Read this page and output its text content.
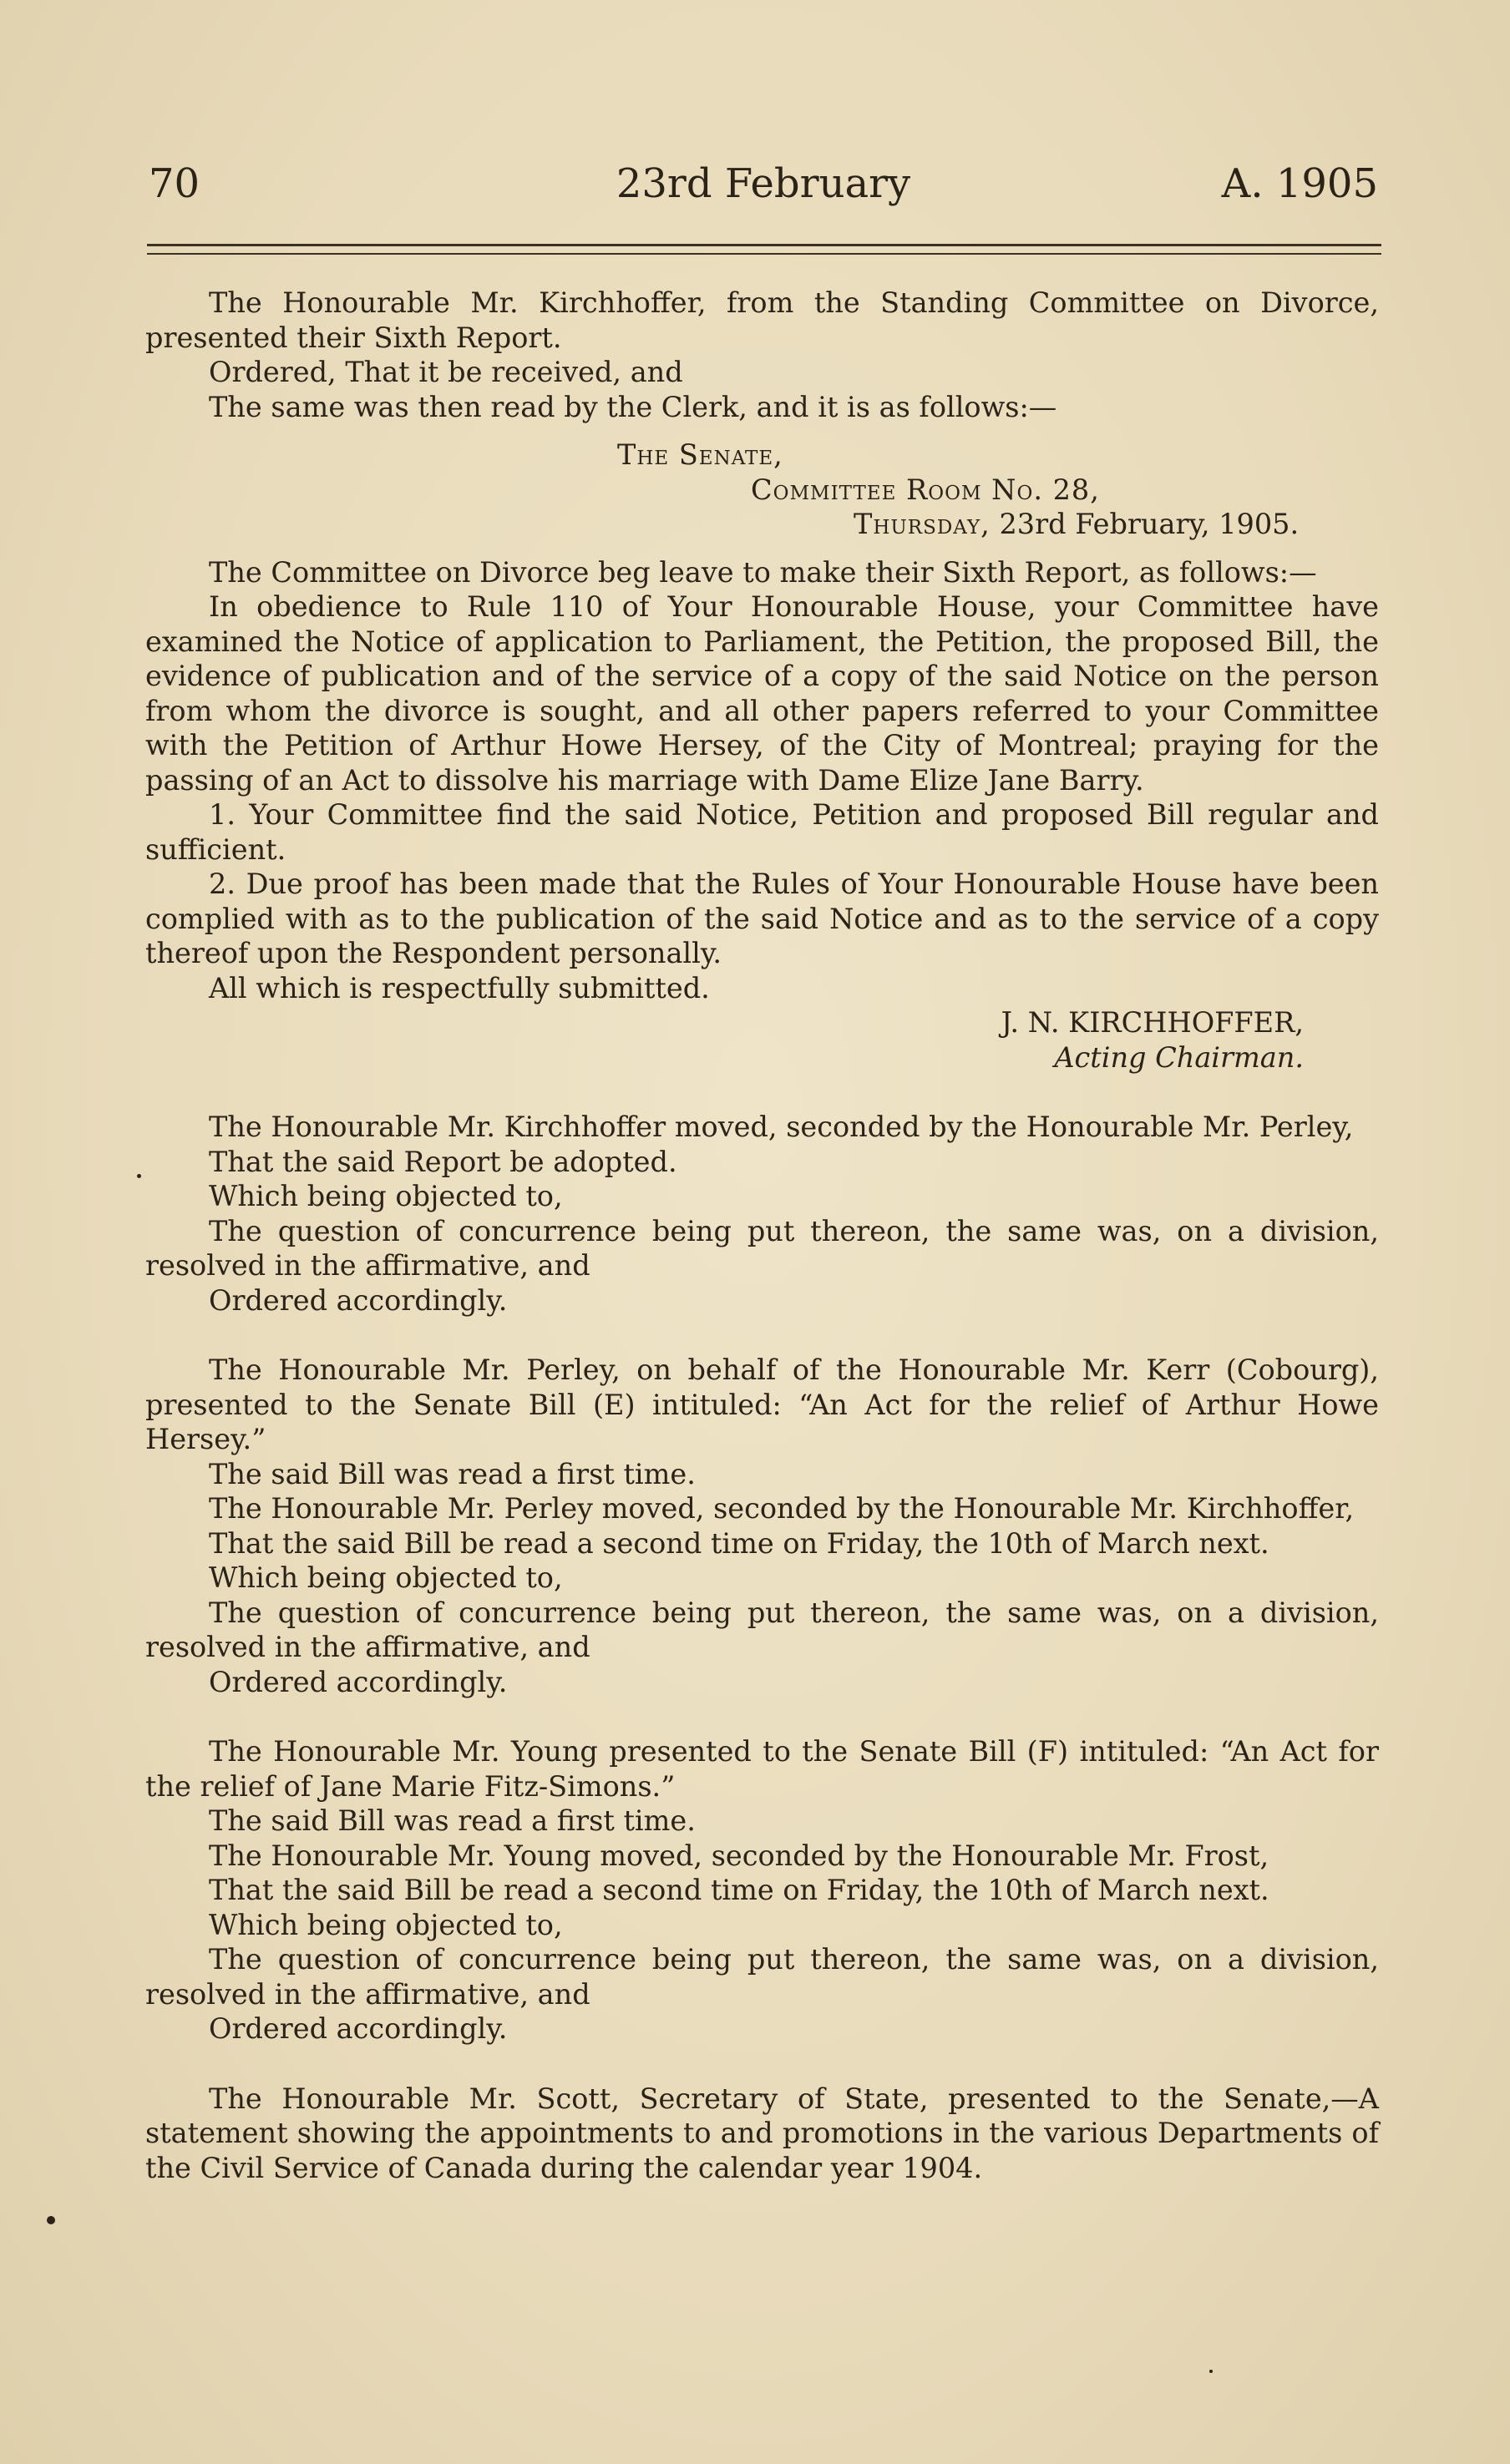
23rd February
70	A. 1905

The Honourable Mr. Kirchhoffer, from the Standing Committee on Divorce, presented their Sixth Report.

Ordered, That it be received, and

The same was then read by the Clerk, and it is as follows:—

The Senate,

Committee Room No. 28,

Thursday, 23rd February, 1905.

The Committee on Divorce beg leave to make their Sixth Report, as follows:—

In obedience to Rule 110 of Your Honourable House, your Committee have examined the Notice of application to Parliament, the Petition, the proposed Bill, the evidence of publication and of the service of a copy of the said Notice on the person from whom the divorce is sought, and all other papers referred to your Committee with the Petition of Arthur Howe Hersey, of the City of Montreal; praying for the passing of an Act to dissolve his marriage with Dame Elize Jane Barry.

1. Your Committee find the said Notice, Petition and proposed Bill regular and sufficient.

2. Due proof has been made that the Rules of Your Honourable House have been complied with as to the publication of the said Notice and as to the service of a copy thereof upon the Respondent personally.

All which is respectfully submitted.

J. N. KIRCHHOFFER,

Acting Chairman.

The Honourable Mr. Kirchhoffer moved, seconded by the Honourable Mr. Perley,

That the said Report be adopted.

Which being objected to,

The question of concurrence being put thereon, the same was, on a division, resolved in the affirmative, and

Ordered accordingly.

The Honourable Mr. Perley, on behalf of the Honourable Mr. Kerr (Cobourg), presented to the Senate Bill (E) intituled: “An Act for the relief of Arthur Howe Hersey.”

The said Bill was read a first time.

The Honourable Mr. Perley moved, seconded by the Honourable Mr. Kirchhoffer,

That the said Bill be read a second time on Friday, the 10th of March next.

Which being objected to,

The question of concurrence being put thereon, the same was, on a division, resolved in the affirmative, and

Ordered accordingly.

The Honourable Mr. Young presented to the Senate Bill (F) intituled: “An Act for the relief of Jane Marie Fitz-Simons.”

The said Bill was read a first time.

The Honourable Mr. Young moved, seconded by the Honourable Mr. Frost,

That the said Bill be read a second time on Friday, the 10th of March next.

Which being objected to,

The question of concurrence being put thereon, the same was, on a division, resolved in the affirmative, and

Ordered accordingly.

The Honourable Mr. Scott, Secretary of State, presented to the Senate,—A statement showing the appointments to and promotions in the various Departments of the Civil Service of Canada during the calendar year 1904.
